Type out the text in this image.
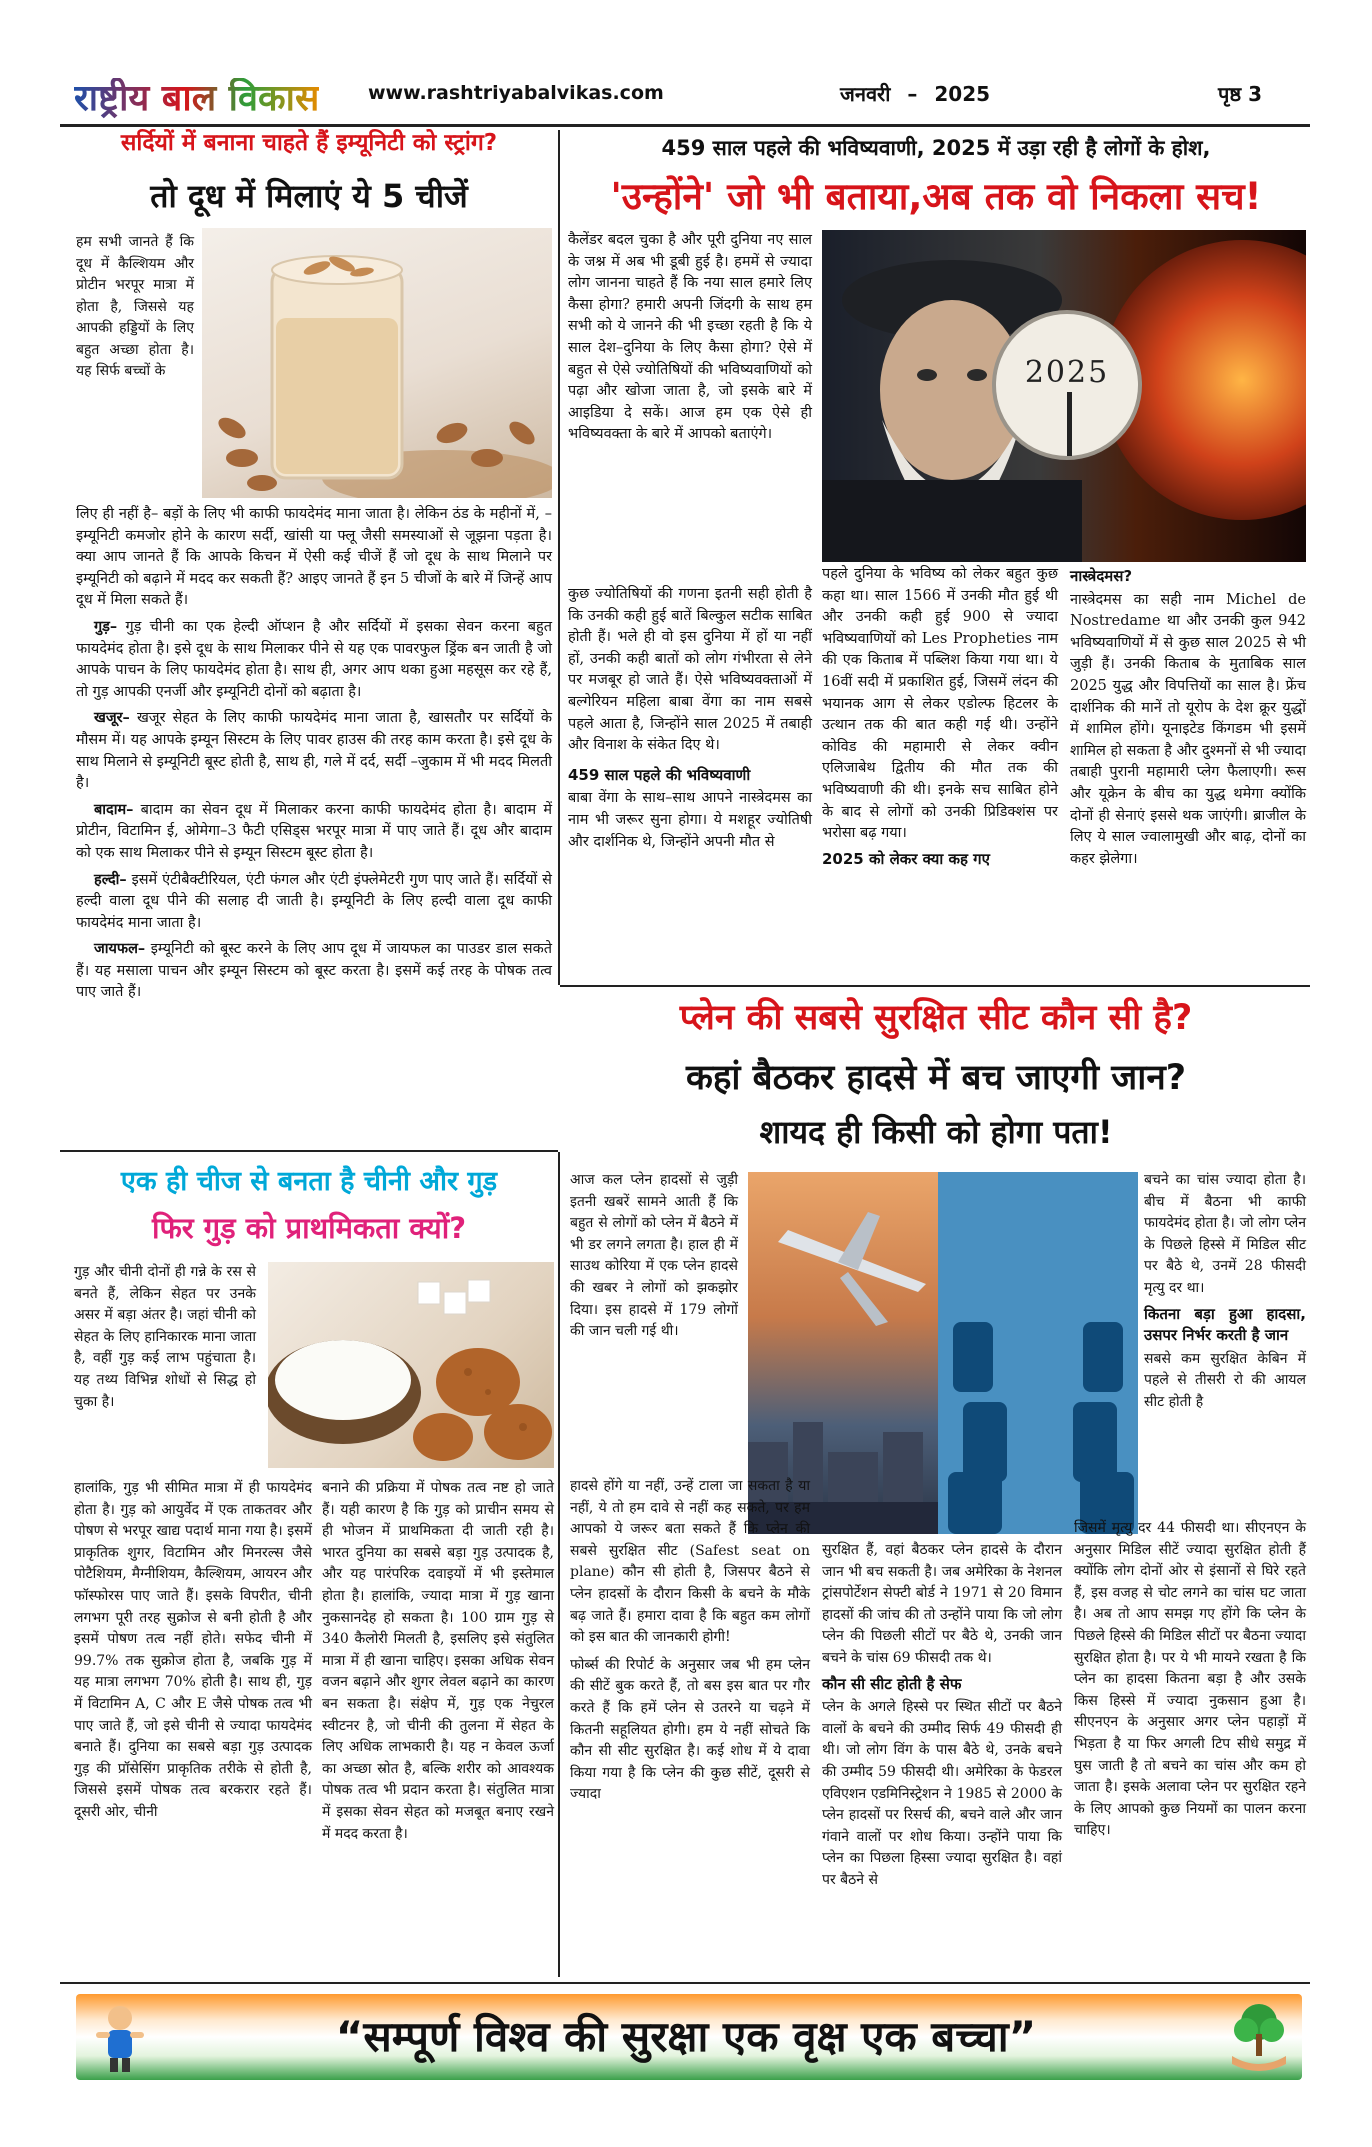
राष्ट्रीय बाल विकास	www.rashtriyabalvikas.com	जनवरी – 2025	पृष्ठ 3
सर्दियों में बनाना चाहते हैं इम्यूनिटी को स्ट्रांग?
तो दूध में मिलाएं ये 5 चीजें
हम सभी जानते हैं कि दूध में कैल्शियम और प्रोटीन भरपूर मात्रा में होता है, जिससे यह आपकी हड्डियों के लिए बहुत अच्छा होता है। यह सिर्फ बच्चों के

लिए ही नहीं है– बड़ों के लिए भी काफी फायदेमंद माना जाता है। लेकिन ठंड के महीनों में, –इम्यूनिटी कमजोर होने के कारण सर्दी, खांसी या फ्लू जैसी समस्याओं से जूझना पड़ता है। क्या आप जानते हैं कि आपके किचन में ऐसी कई चीजें हैं जो दूध के साथ मिलाने पर इम्यूनिटी को बढ़ाने में मदद कर सकती हैं? आइए जानते हैं इन 5 चीजों के बारे में जिन्हें आप दूध में मिला सकते हैं।

गुड़– गुड़ चीनी का एक हेल्दी ऑप्शन है और सर्दियों में इसका सेवन करना बहुत फायदेमंद होता है। इसे दूध के साथ मिलाकर पीने से यह एक पावरफुल ड्रिंक बन जाती है जो आपके पाचन के लिए फायदेमंद होता है। साथ ही, अगर आप थका हुआ महसूस कर रहे हैं, तो गुड़ आपकी एनर्जी और इम्यूनिटी दोनों को बढ़ाता है।

खजूर– खजूर सेहत के लिए काफी फायदेमंद माना जाता है, खासतौर पर सर्दियों के मौसम में। यह आपके इम्यून सिस्टम के लिए पावर हाउस की तरह काम करता है। इसे दूध के साथ मिलाने से इम्यूनिटी बूस्ट होती है, साथ ही, गले में दर्द, सर्दी –जुकाम में भी मदद मिलती है।

बादाम– बादाम का सेवन दूध में मिलाकर करना काफी फायदेमंद होता है। बादाम में प्रोटीन, विटामिन ई, ओमेगा–3 फैटी एसिड्स भरपूर मात्रा में पाए जाते हैं। दूध और बादाम को एक साथ मिलाकर पीने से इम्यून सिस्टम बूस्ट होता है।

हल्दी– इसमें एंटीबैक्टीरियल, एंटी फंगल और एंटी इंफ्लेमेटरी गुण पाए जाते हैं। सर्दियों से हल्दी वाला दूध पीने की सलाह दी जाती है। इम्यूनिटी के लिए हल्दी वाला दूध काफी फायदेमंद माना जाता है।

जायफल– इम्यूनिटी को बूस्ट करने के लिए आप दूध में जायफल का पाउडर डाल सकते हैं। यह मसाला पाचन और इम्यून सिस्टम को बूस्ट करता है। इसमें कई तरह के पोषक तत्व पाए जाते हैं।

459 साल पहले की भविष्यवाणी, 2025 में उड़ा रही है लोगों के होश,
'उन्होंने' जो भी बताया,अब तक वो निकला सच!
कैलेंडर बदल चुका है और पूरी दुनिया नए साल के जश्न में अब भी डूबी हुई है। हममें से ज्यादा लोग जानना चाहते हैं कि नया साल हमारे लिए कैसा होगा? हमारी अपनी जिंदगी के साथ हम सभी को ये जानने की भी इच्छा रहती है कि ये साल देश–दुनिया के लिए कैसा होगा? ऐसे में बहुत से ऐसे ज्योतिषियों की भविष्यवाणियों को पढ़ा और खोजा जाता है, जो इसके बारे में आइडिया दे सकें। आज हम एक ऐसे ही भविष्यवक्ता के बारे में आपको बताएंगे।
2025

कुछ ज्योतिषियों की गणना इतनी सही होती है कि उनकी कही हुई बातें बिल्कुल सटीक साबित होती हैं। भले ही वो इस दुनिया में हों या नहीं हों, उनकी कही बातों को लोग गंभीरता से लेने पर मजबूर हो जाते हैं। ऐसे भविष्यवक्ताओं में बल्गेरियन महिला बाबा वेंगा का नाम सबसे पहले आता है, जिन्होंने साल 2025 में तबाही और विनाश के संकेत दिए थे।

459 साल पहले की भविष्यवाणी

बाबा वेंगा के साथ–साथ आपने नास्त्रेदमस का नाम भी जरूर सुना होगा। ये मशहूर ज्योतिषी और दार्शनिक थे, जिन्होंने अपनी मौत से

पहले दुनिया के भविष्य को लेकर बहुत कुछ कहा था। साल 1566 में उनकी मौत हुई थी और उनकी कही हुई 900 से ज्यादा भविष्यवाणियों को Les Propheties नाम की एक किताब में पब्लिश किया गया था। ये 16वीं सदी में प्रकाशित हुई, जिसमें लंदन की भयानक आग से लेकर एडोल्फ हिटलर के उत्थान तक की बात कही गई थी। उन्होंने कोविड की महामारी से लेकर क्वीन एलिजाबेथ द्वितीय की मौत तक की भविष्यवाणी की थी। इनके सच साबित होने के बाद से लोगों को उनकी प्रिडिक्शंस पर भरोसा बढ़ गया।

2025 को लेकर क्या कह गए

नास्त्रेदमस?

नास्त्रेदमस का सही नाम Michel de Nostredame था और उनकी कुल 942 भविष्यवाणियों में से कुछ साल 2025 से भी जुड़ी हैं। उनकी किताब के मुताबिक साल 2025 युद्ध और विपत्तियों का साल है। फ्रेंच दार्शनिक की मानें तो यूरोप के देश क्रूर युद्धों में शामिल होंगे। यूनाइटेड किंगडम भी इसमें शामिल हो सकता है और दुश्मनों से भी ज्यादा तबाही पुरानी महामारी प्लेग फैलाएगी। रूस और यूक्रेन के बीच का युद्ध थमेगा क्योंकि दोनों ही सेनाएं इससे थक जाएंगी। ब्राजील के लिए ये साल ज्वालामुखी और बाढ़, दोनों का कहर झेलेगा।

प्लेन की सबसे सुरक्षित सीट कौन सी है?
कहां बैठकर हादसे में बच जाएगी जान?
शायद ही किसी को होगा पता!
आज कल प्लेन हादसों से जुड़ी इतनी खबरें सामने आती हैं कि बहुत से लोगों को प्लेन में बैठने में भी डर लगने लगता है। हाल ही में साउथ कोरिया में एक प्लेन हादसे की खबर ने लोगों को झकझोर दिया। इस हादसे में 179 लोगों की जान चली गई थी।

हादसे होंगे या नहीं, उन्हें टाला जा सकता है या नहीं, ये तो हम दावे से नहीं कह सकते, पर हम आपको ये जरूर बता सकते हैं कि प्लेन की सबसे सुरक्षित सीट (Safest seat on plane) कौन सी होती है, जिसपर बैठने से प्लेन हादसों के दौरान किसी के बचने के मौके बढ़ जाते हैं। हमारा दावा है कि बहुत कम लोगों को इस बात की जानकारी होगी!

फोर्ब्स की रिपोर्ट के अनुसार जब भी हम प्लेन की सीटें बुक करते हैं, तो बस इस बात पर गौर करते हैं कि हमें प्लेन से उतरने या चढ़ने में कितनी सहूलियत होगी। हम ये नहीं सोचते कि कौन सी सीट सुरक्षित है। कई शोध में ये दावा किया गया है कि प्लेन की कुछ सीटें, दूसरी से ज्यादा

सुरक्षित हैं, वहां बैठकर प्लेन हादसे के दौरान जान भी बच सकती है। जब अमेरिका के नेशनल ट्रांसपोर्टेशन सेफ्टी बोर्ड ने 1971 से 20 विमान हादसों की जांच की तो उन्होंने पाया कि जो लोग प्लेन की पिछली सीटों पर बैठे थे, उनकी जान बचने के चांस 69 फीसदी तक थे।

कौन सी सीट होती है सेफ

प्लेन के अगले हिस्से पर स्थित सीटों पर बैठने वालों के बचने की उम्मीद सिर्फ 49 फीसदी ही थी। जो लोग विंग के पास बैठे थे, उनके बचने की उम्मीद 59 फीसदी थी। अमेरिका के फेडरल एविएशन एडमिनिस्ट्रेशन ने 1985 से 2000 के प्लेन हादसों पर रिसर्च की, बचने वाले और जान गंवाने वालों पर शोध किया। उन्होंने पाया कि प्लेन का पिछला हिस्सा ज्यादा सुरक्षित है। वहां पर बैठने से

बचने का चांस ज्यादा होता है। बीच में बैठना भी काफी फायदेमंद होता है। जो लोग प्लेन के पिछले हिस्से में मिडिल सीट पर बैठे थे, उनमें 28 फीसदी मृत्यु दर था।

कितना बड़ा हुआ हादसा, उसपर निर्भर करती है जान

सबसे कम सुरक्षित केबिन में पहले से तीसरी रो की आयल सीट होती है

जिसमें मृत्यु दर 44 फीसदी था। सीएनएन के अनुसार मिडिल सीटें ज्यादा सुरक्षित होती हैं क्योंकि लोग दोनों ओर से इंसानों से घिरे रहते हैं, इस वजह से चोट लगने का चांस घट जाता है। अब तो आप समझ गए होंगे कि प्लेन के पिछले हिस्से की मिडिल सीटों पर बैठना ज्यादा सुरक्षित होता है। पर ये भी मायने रखता है कि प्लेन का हादसा कितना बड़ा है और उसके किस हिस्से में ज्यादा नुकसान हुआ है। सीएनएन के अनुसार अगर प्लेन पहाड़ों में भिड़ता है या फिर अगली टिप सीधे समुद्र में घुस जाती है तो बचने का चांस और कम हो जाता है। इसके अलावा प्लेन पर सुरक्षित रहने के लिए आपको कुछ नियमों का पालन करना चाहिए।
एक ही चीज से बनता है चीनी और गुड़
फिर गुड़ को प्राथमिकता क्यों?
गुड़ और चीनी दोनों ही गन्ने के रस से बनते हैं, लेकिन सेहत पर उनके असर में बड़ा अंतर है। जहां चीनी को सेहत के लिए हानिकारक माना जाता है, वहीं गुड़ कई लाभ पहुंचाता है। यह तथ्य विभिन्न शोधों से सिद्ध हो चुका है।
हालांकि, गुड़ भी सीमित मात्रा में ही फायदेमंद होता है। गुड़ को आयुर्वेद में एक ताकतवर और पोषण से भरपूर खाद्य पदार्थ माना गया है। इसमें प्राकृतिक शुगर, विटामिन और मिनरल्स जैसे पोटैशियम, मैग्नीशियम, कैल्शियम, आयरन और फॉस्फोरस पाए जाते हैं। इसके विपरीत, चीनी लगभग पूरी तरह सुक्रोज से बनी होती है और इसमें पोषण तत्व नहीं होते। सफेद चीनी में 99.7% तक सुक्रोज होता है, जबकि गुड़ में यह मात्रा लगभग 70% होती है। साथ ही, गुड़ में विटामिन A, C और E जैसे पोषक तत्व भी पाए जाते हैं, जो इसे चीनी से ज्यादा फायदेमंद बनाते हैं। दुनिया का सबसे बड़ा गुड़ उत्पादक गुड़ की प्रॉसेसिंग प्राकृतिक तरीके से होती है, जिससे इसमें पोषक तत्व बरकरार रहते हैं। दूसरी ओर, चीनी
बनाने की प्रक्रिया में पोषक तत्व नष्ट हो जाते हैं। यही कारण है कि गुड़ को प्राचीन समय से ही भोजन में प्राथमिकता दी जाती रही है। भारत दुनिया का सबसे बड़ा गुड़ उत्पादक है, और यह पारंपरिक दवाइयों में भी इस्तेमाल होता है। हालांकि, ज्यादा मात्रा में गुड़ खाना नुकसानदेह हो सकता है। 100 ग्राम गुड़ से 340 कैलोरी मिलती है, इसलिए इसे संतुलित मात्रा में ही खाना चाहिए। इसका अधिक सेवन वजन बढ़ाने और शुगर लेवल बढ़ाने का कारण बन सकता है। संक्षेप में, गुड़ एक नेचुरल स्वीटनर है, जो चीनी की तुलना में सेहत के लिए अधिक लाभकारी है। यह न केवल ऊर्जा का अच्छा स्रोत है, बल्कि शरीर को आवश्यक पोषक तत्व भी प्रदान करता है। संतुलित मात्रा में इसका सेवन सेहत को मजबूत बनाए रखने में मदद करता है।
“सम्पूर्ण विश्व की सुरक्षा एक वृक्ष एक बच्चा”
